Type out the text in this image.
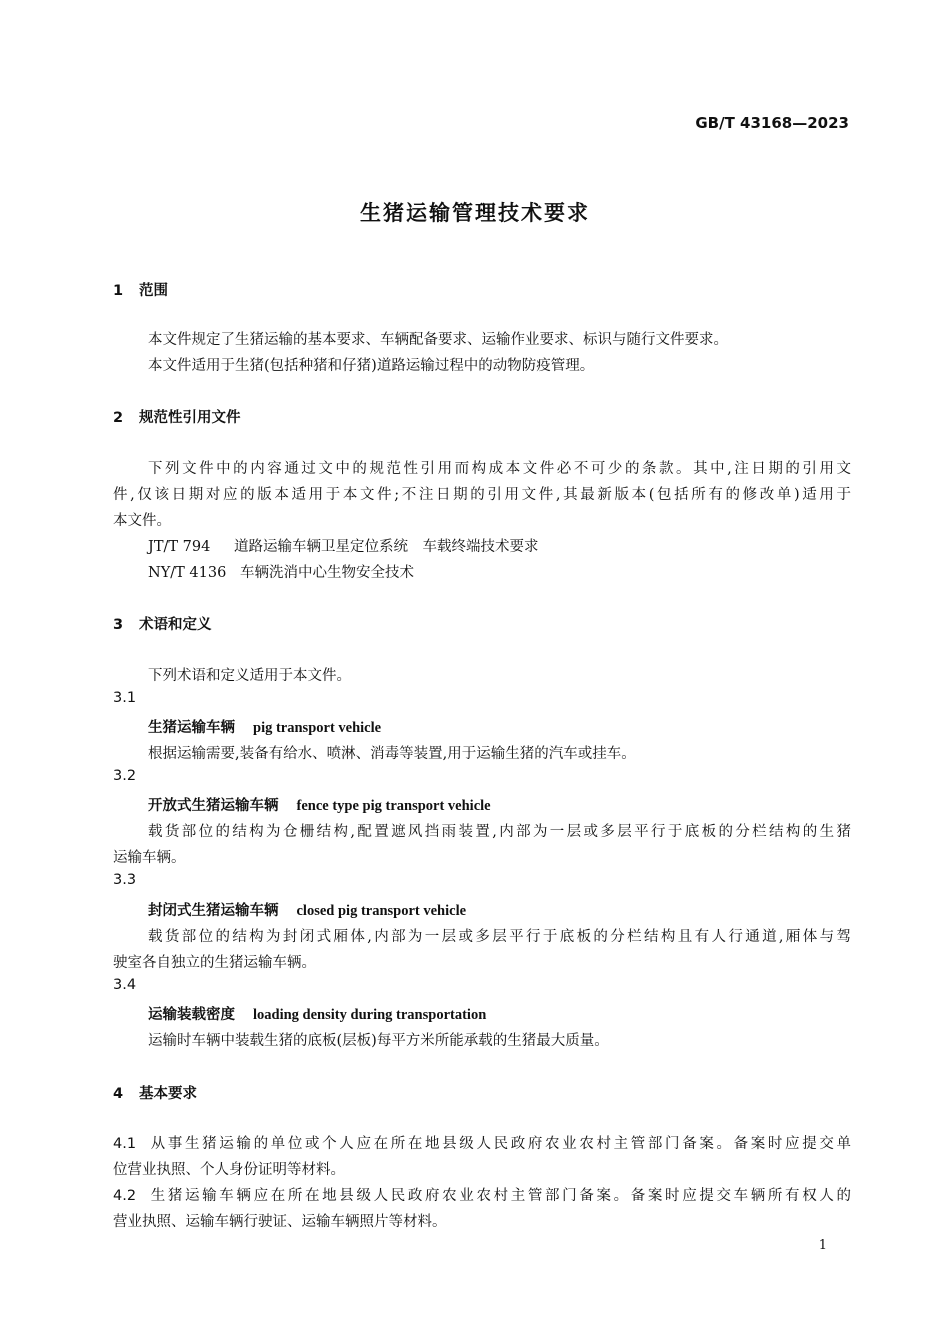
GB/T 43168—2023
生猪运输管理技术要求
1 范围
本文件规定了生猪运输的基本要求、车辆配备要求、运输作业要求、标识与随行文件要求。
本文件适用于生猪(包括种猪和仔猪)道路运输过程中的动物防疫管理。
2 规范性引用文件
下列文件中的内容通过文中的规范性引用而构成本文件必不可少的条款。其中,注日期的引用文
件,仅该日期对应的版本适用于本文件;不注日期的引用文件,其最新版本(包括所有的修改单)适用于
本文件。
JT/T 794 道路运输车辆卫星定位系统　车载终端技术要求
NY/T 4136 车辆洗消中心生物安全技术
3 术语和定义
下列术语和定义适用于本文件。
3.1
生猪运输车辆 pig transport vehicle
根据运输需要,装备有给水、喷淋、消毒等装置,用于运输生猪的汽车或挂车。
3.2
开放式生猪运输车辆 fence type pig transport vehicle
载货部位的结构为仓栅结构,配置遮风挡雨装置,内部为一层或多层平行于底板的分栏结构的生猪
运输车辆。
3.3
封闭式生猪运输车辆 closed pig transport vehicle
载货部位的结构为封闭式厢体,内部为一层或多层平行于底板的分栏结构且有人行通道,厢体与驾
驶室各自独立的生猪运输车辆。
3.4
运输装载密度 loading density during transportation
运输时车辆中装载生猪的底板(层板)每平方米所能承载的生猪最大质量。
4 基本要求
4.1 从事生猪运输的单位或个人应在所在地县级人民政府农业农村主管部门备案。备案时应提交单
位营业执照、个人身份证明等材料。
4.2 生猪运输车辆应在所在地县级人民政府农业农村主管部门备案。备案时应提交车辆所有权人的
营业执照、运输车辆行驶证、运输车辆照片等材料。
1
